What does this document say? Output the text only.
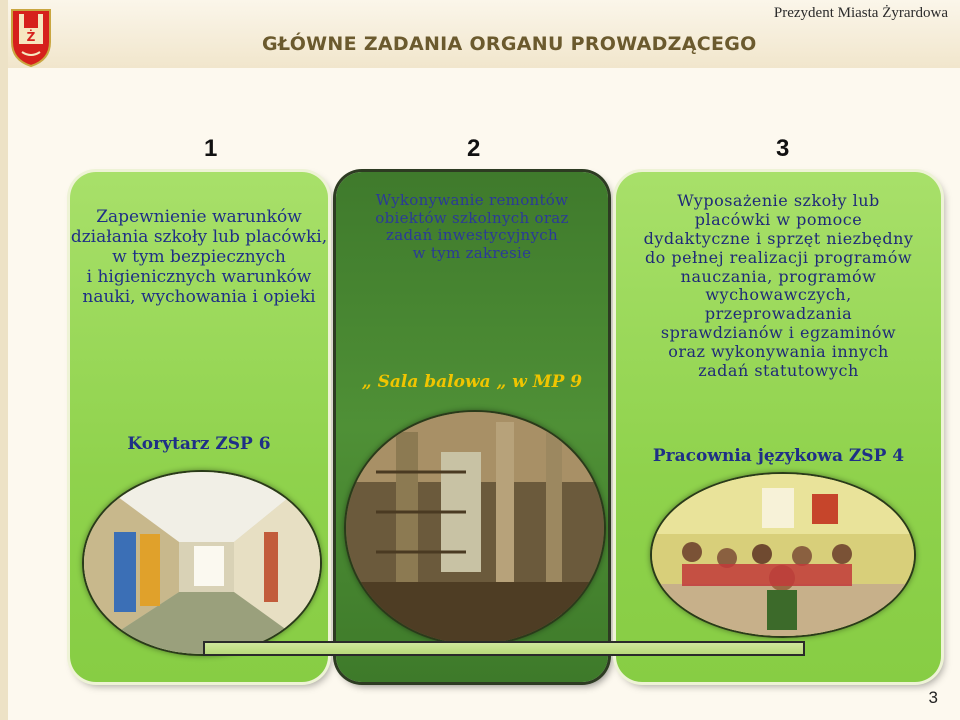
Ż
Prezydent Miasta Żyrardowa
GŁÓWNE ZADANIA ORGANU PROWADZĄCEGO
1	2	3
Zapewnienie warunków
działania szkoły lub placówki,
w tym bezpiecznych
i higienicznych warunków
nauki, wychowania i opieki
Korytarz ZSP 6
Wykonywanie remontów
obiektów szkolnych oraz
zadań inwestycyjnych
w tym zakresie
„ Sala balowa „ w MP 9
Wyposażenie szkoły lub
placówki w pomoce
dydaktyczne i sprzęt niezbędny
do pełnej realizacji programów
nauczania, programów
wychowawczych,
przeprowadzania
sprawdzianów i egzaminów
oraz wykonywania innych
zadań statutowych
Pracownia językowa ZSP 4
3
